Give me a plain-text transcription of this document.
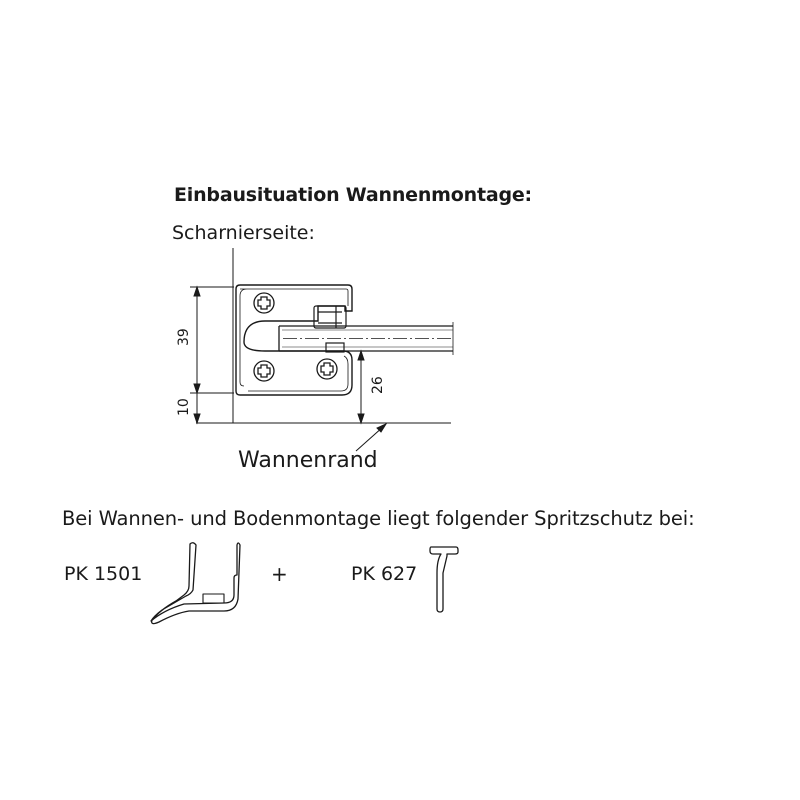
Einbausituation Wannenmontage:
Scharnierseite:
39
10
26
Wannenrand
Bei Wannen- und Bodenmontage liegt folgender Spritzschutz bei:
PK 1501	+	PK 627
